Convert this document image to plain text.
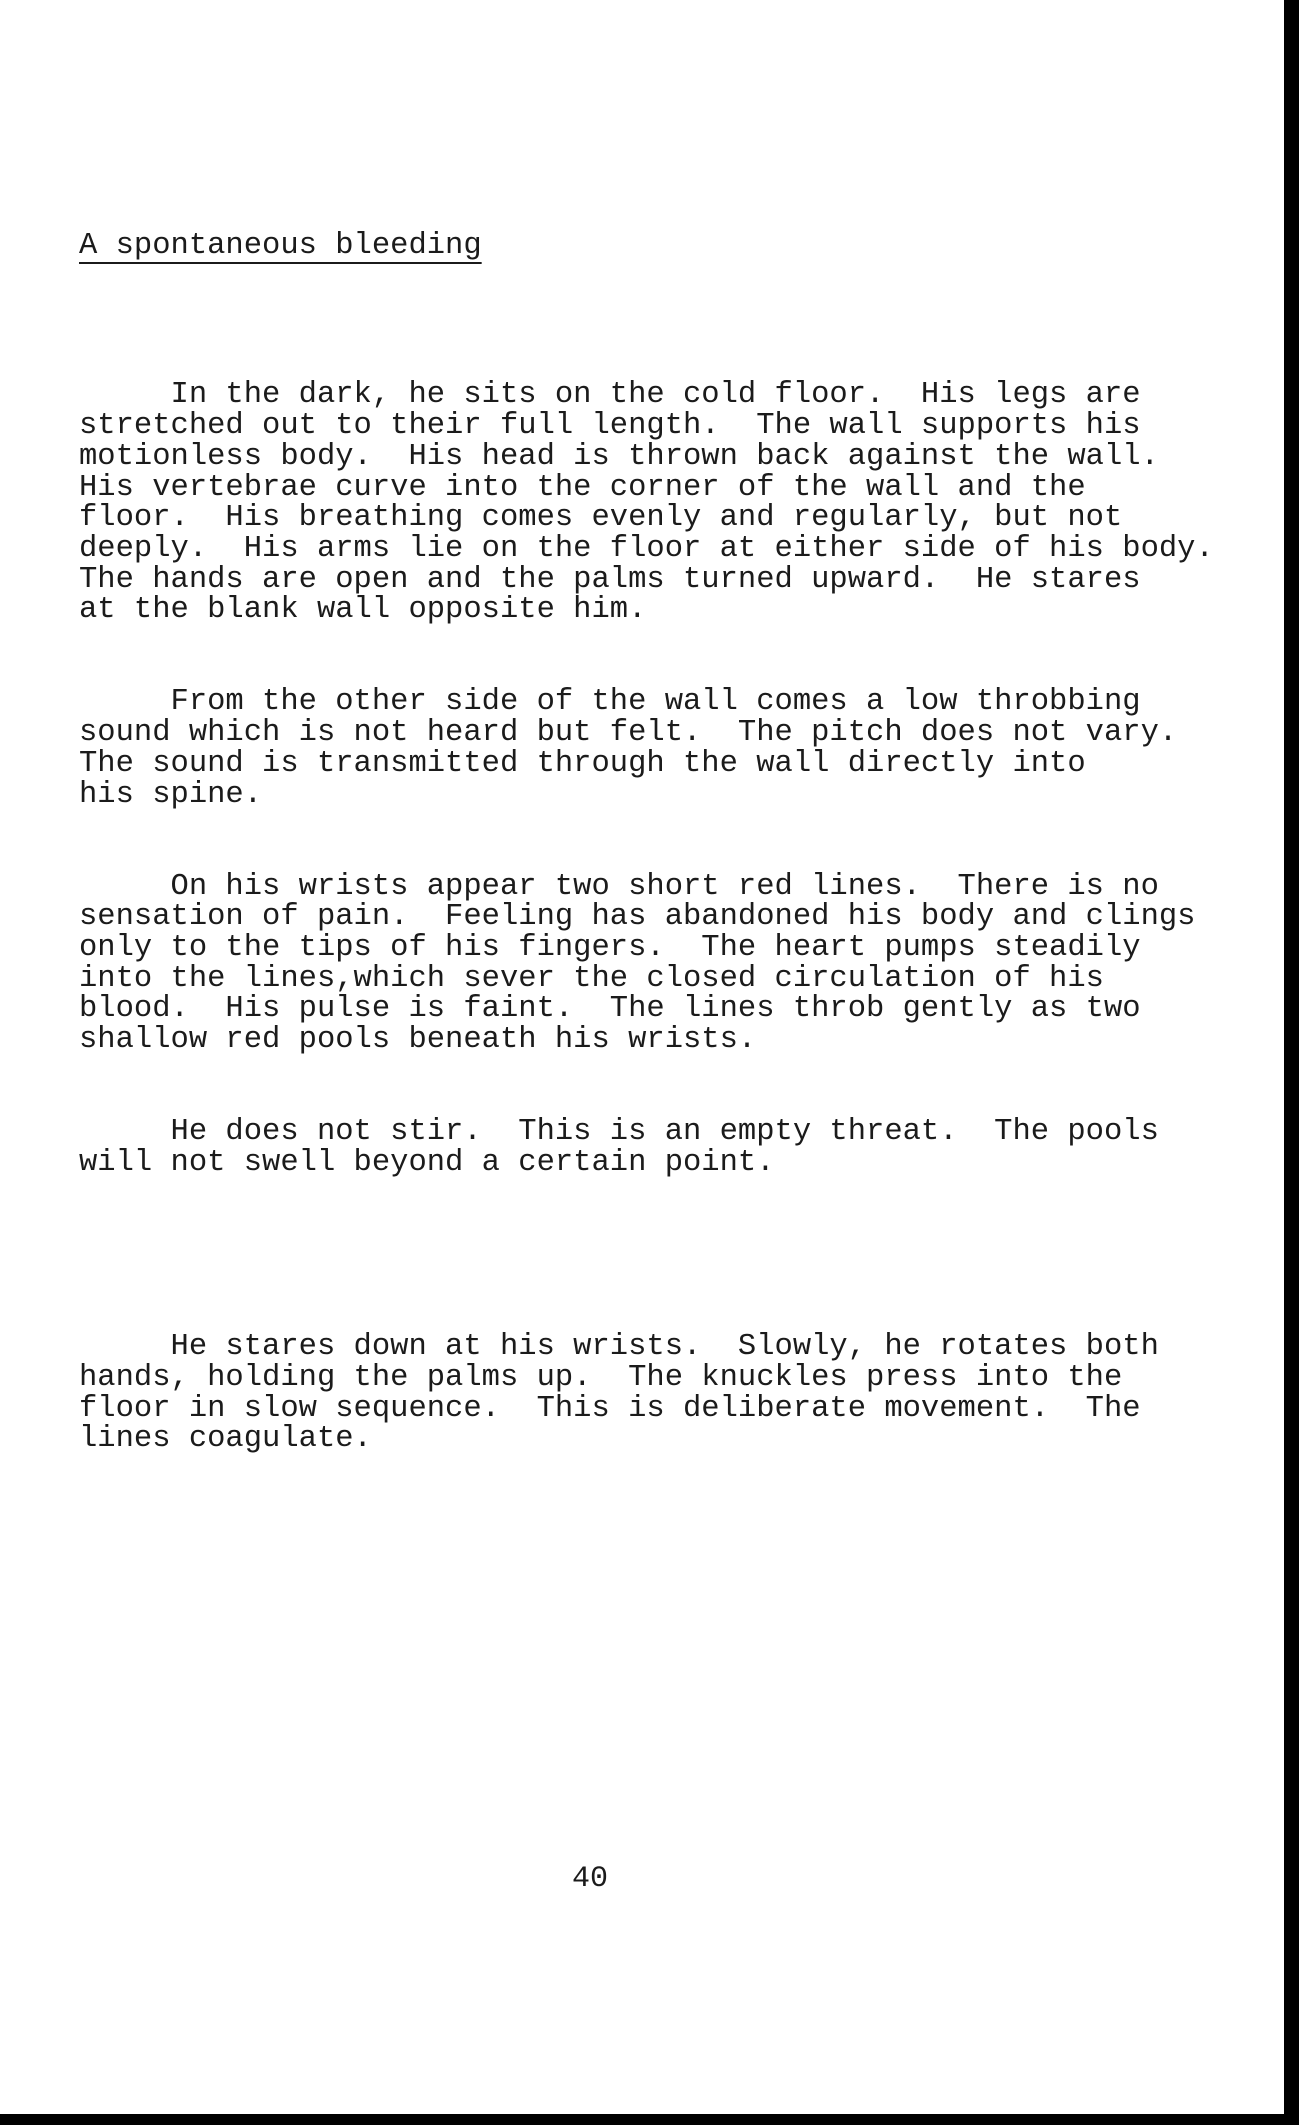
A spontaneous bleeding

In the dark, he sits on the cold floor.  His legs are
stretched out to their full length.  The wall supports his
motionless body.  His head is thrown back against the wall.
His vertebrae curve into the corner of the wall and the
floor.  His breathing comes evenly and regularly, but not
deeply.  His arms lie on the floor at either side of his body.
The hands are open and the palms turned upward.  He stares
at the blank wall opposite him.

From the other side of the wall comes a low throbbing
sound which is not heard but felt.  The pitch does not vary.
The sound is transmitted through the wall directly into
his spine.

On his wrists appear two short red lines.  There is no
sensation of pain.  Feeling has abandoned his body and clings
only to the tips of his fingers.  The heart pumps steadily
into the lines,which sever the closed circulation of his
blood.  His pulse is faint.  The lines throb gently as two
shallow red pools beneath his wrists.

He does not stir.  This is an empty threat.  The pools
will not swell beyond a certain point.

He stares down at his wrists.  Slowly, he rotates both
hands, holding the palms up.  The knuckles press into the
floor in slow sequence.  This is deliberate movement.  The
lines coagulate.

40
